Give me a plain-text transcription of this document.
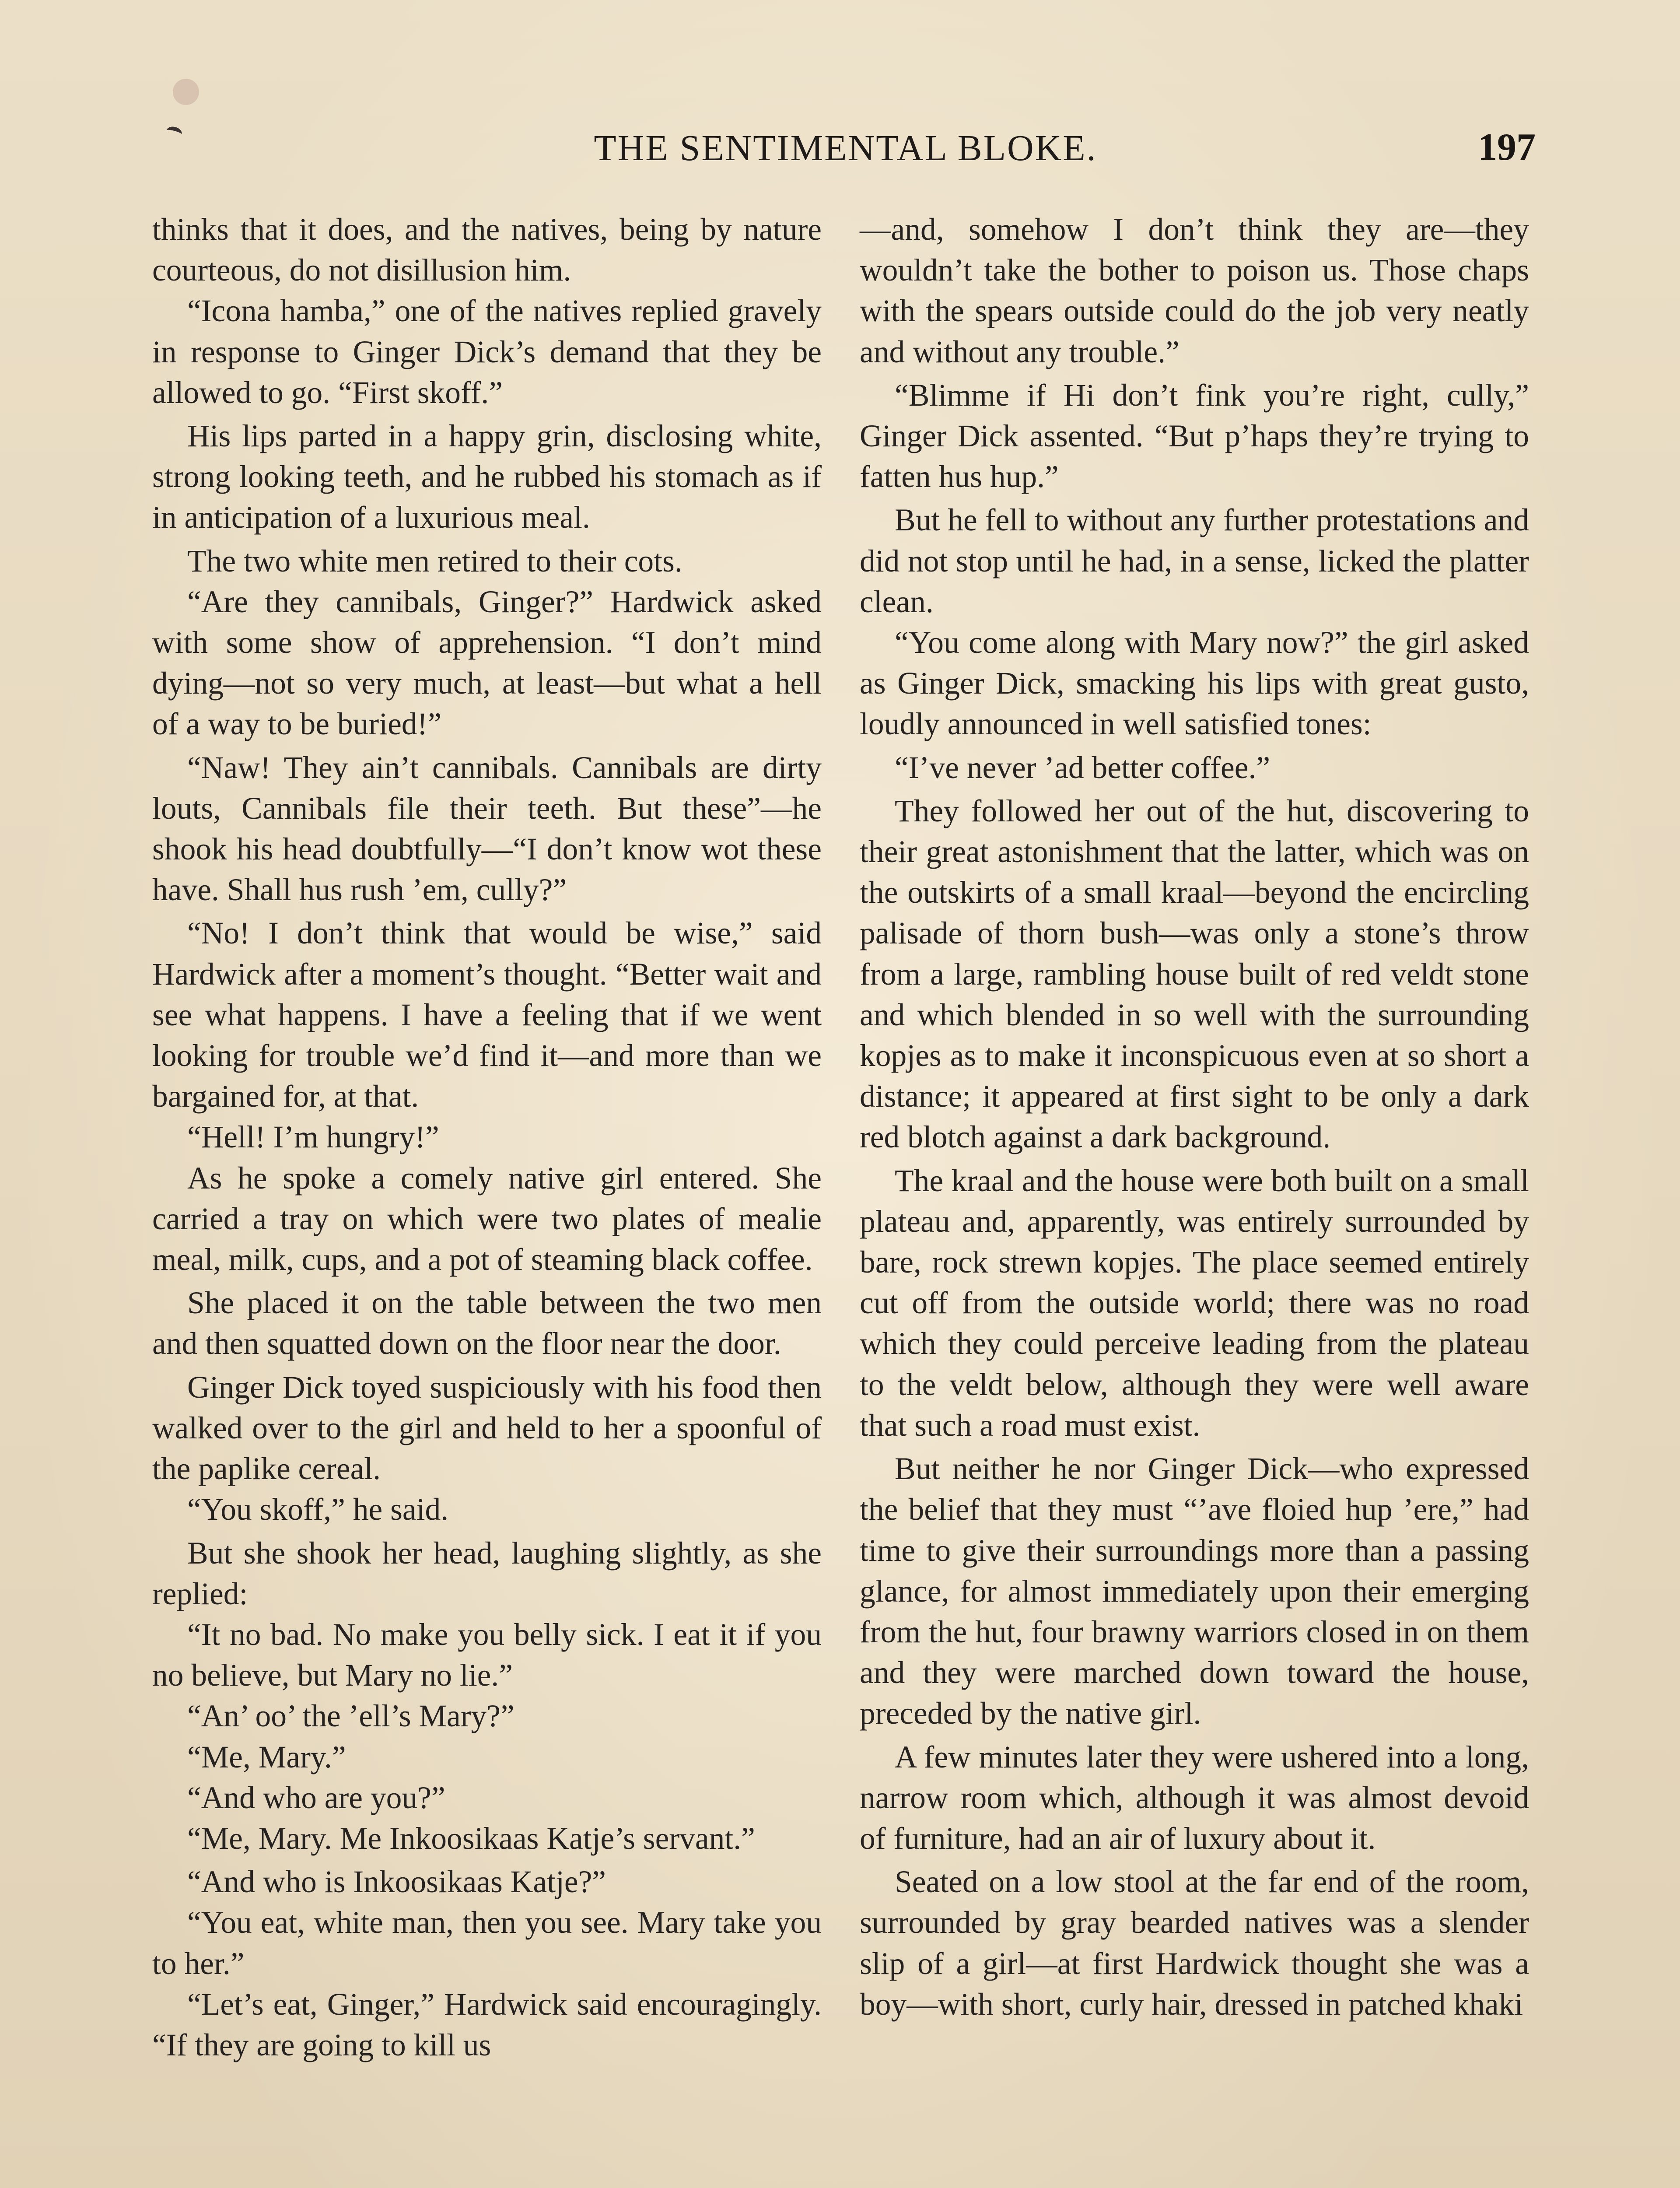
THE SENTIMENTAL BLOKE.	197

thinks that it does, and the natives, being by nature courteous, do not disillusion him.

“Icona hamba,” one of the natives replied gravely in response to Ginger Dick’s demand that they be allowed to go. “First skoff.”

His lips parted in a happy grin, disclosing white, strong looking teeth, and he rubbed his stomach as if in anticipation of a luxurious meal.

The two white men retired to their cots.

“Are they cannibals, Ginger?” Hardwick asked with some show of apprehension. “I don’t mind dying—not so very much, at least—but what a hell of a way to be buried!”

“Naw! They ain’t cannibals. Cannibals are dirty louts, Cannibals file their teeth. But these”—he shook his head doubtfully—“I don’t know wot these have. Shall hus rush ’em, cully?”

“No! I don’t think that would be wise,” said Hardwick after a moment’s thought. “Better wait and see what happens. I have a feeling that if we went looking for trouble we’d find it—and more than we bargained for, at that.

“Hell! I’m hungry!”

As he spoke a comely native girl entered. She carried a tray on which were two plates of mealie meal, milk, cups, and a pot of steaming black coffee.

She placed it on the table between the two men and then squatted down on the floor near the door.

Ginger Dick toyed suspiciously with his food then walked over to the girl and held to her a spoonful of the paplike cereal.

“You skoff,” he said.

But she shook her head, laughing slightly, as she replied:

“It no bad. No make you belly sick. I eat it if you no believe, but Mary no lie.”

“An’ oo’ the ’ell’s Mary?”

“Me, Mary.”

“And who are you?”

“Me, Mary. Me Inkoosikaas Katje’s servant.”

“And who is Inkoosikaas Katje?”

“You eat, white man, then you see. Mary take you to her.”

“Let’s eat, Ginger,” Hardwick said encouragingly. “If they are going to kill us

—and, somehow I don’t think they are—they wouldn’t take the bother to poison us. Those chaps with the spears outside could do the job very neatly and without any trouble.”

“Blimme if Hi don’t fink you’re right, cully,” Ginger Dick assented. “But p’haps they’re trying to fatten hus hup.”

But he fell to without any further protestations and did not stop until he had, in a sense, licked the platter clean.

“You come along with Mary now?” the girl asked as Ginger Dick, smacking his lips with great gusto, loudly announced in well satisfied tones:

“I’ve never ’ad better coffee.”

They followed her out of the hut, discovering to their great astonishment that the latter, which was on the outskirts of a small kraal—beyond the encircling palisade of thorn bush—was only a stone’s throw from a large, rambling house built of red veldt stone and which blended in so well with the surrounding kopjes as to make it inconspicuous even at so short a distance; it appeared at first sight to be only a dark red blotch against a dark background.

The kraal and the house were both built on a small plateau and, apparently, was entirely surrounded by bare, rock strewn kopjes. The place seemed entirely cut off from the outside world; there was no road which they could perceive leading from the plateau to the veldt below, although they were well aware that such a road must exist.

But neither he nor Ginger Dick—who expressed the belief that they must “’ave floied hup ’ere,” had time to give their surroundings more than a passing glance, for almost immediately upon their emerging from the hut, four brawny warriors closed in on them and they were marched down toward the house, preceded by the native girl.

A few minutes later they were ushered into a long, narrow room which, although it was almost devoid of furniture, had an air of luxury about it.

Seated on a low stool at the far end of the room, surrounded by gray bearded natives was a slender slip of a girl—at first Hardwick thought she was a boy—with short, curly hair, dressed in patched khaki
